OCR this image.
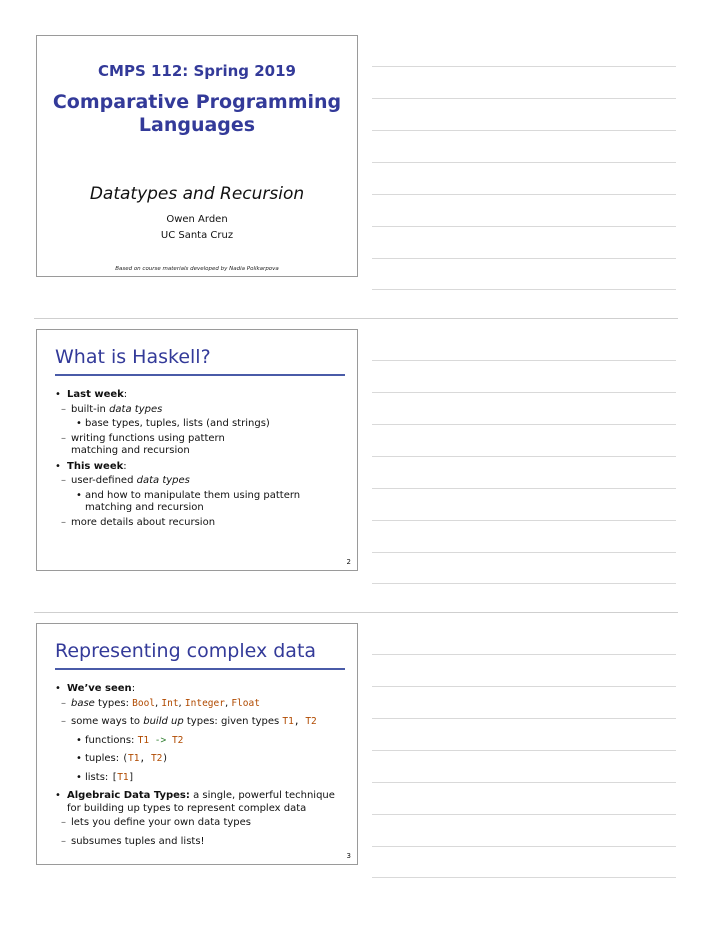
CMPS 112: Spring 2019
Comparative Programming
Languages
Datatypes and Recursion
Owen Arden
UC Santa Cruz
Based on course materials developed by Nadia Polikarpova
What is Haskell?
• Last week:
– built-in data types
• base types, tuples, lists (and strings)
– writing functions using pattern
matching and recursion
• This week:
– user-defined data types
• and how to manipulate them using pattern
matching and recursion
– more details about recursion
2
Representing complex data
• We’ve seen:
– base types: Bool, Int, Integer, Float
– some ways to build up types: given types T1, T2
• functions: T1 -> T2
• tuples: (T1, T2)
• lists: [T1]
• Algebraic Data Types: a single, powerful technique
for building up types to represent complex data
– lets you define your own data types
– subsumes tuples and lists!
3
